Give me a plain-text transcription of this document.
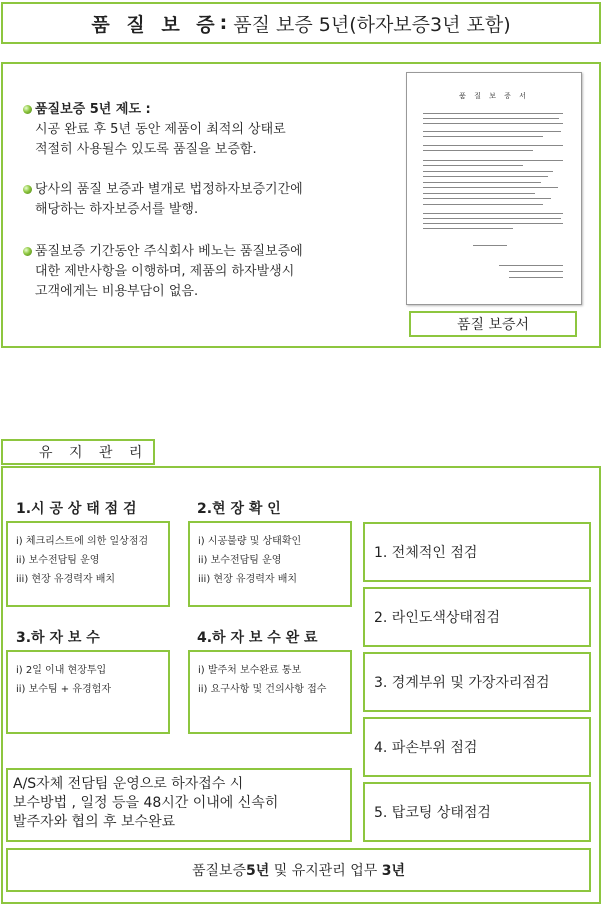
품 질 보 증 : 품질 보증 5년(하자보증3년 포함)
품질보증 5년 제도 :
시공 완료 후 5년 동안 제품이 최적의 상태로
적절히 사용될수 있도록 품질을 보증함.
당사의 품질 보증과 별개로 법정하자보증기간에
해당하는 하자보증서를 발행.
품질보증 기간동안 주식회사 베노는 품질보증에
대한 제반사항을 이행하며, 제품의 하자발생시
고객에게는 비용부담이 없음.
품 질 보 증 서
품질 보증서
유 지 관 리
1.시 공 상 태 점 검
i) 체크리스트에 의한 일상점검
ii) 보수전담팀 운영
iii) 현장 유경력자 배치
2.현 장 확 인
i) 시공불량 및 상태확인
ii) 보수전담팀 운영
iii) 현장 유경력자 배치
3.하 자 보 수
i) 2일 이내 현장투입
ii) 보수팀 + 유경험자
4.하 자 보 수 완 료
i) 발주처 보수완료 통보
ii) 요구사항 및 건의사항 접수
1. 전체적인 점검
2. 라인도색상태점검
3. 경계부위 및 가장자리점검
4. 파손부위 점검
5. 탑코팅 상태점검
A/S자체 전담팀 운영으로 하자접수 시
보수방법 , 일정 등을 48시간 이내에 신속히
발주자와 협의 후 보수완료
품질보증 5년 및 유지관리 업무 3년
